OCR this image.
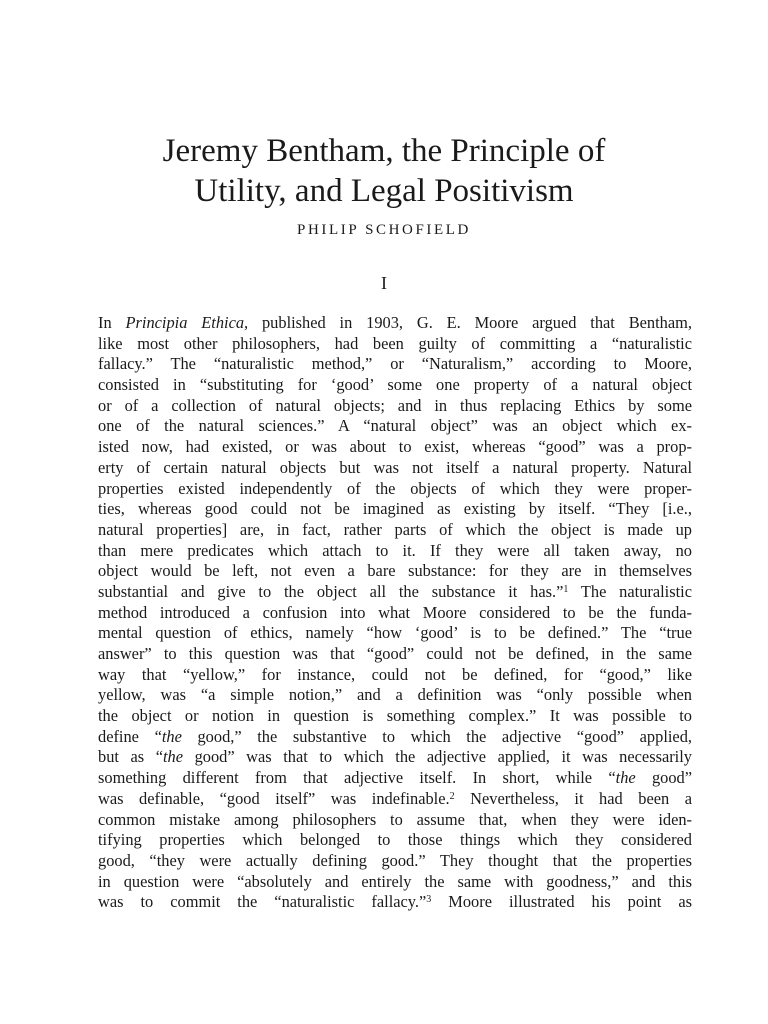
Jeremy Bentham, the Principle of
Utility, and Legal Positivism
PHILIP SCHOFIELD
I
In Principia Ethica, published in 1903, G. E. Moore argued that Bentham,
like most other philosophers, had been guilty of committing a “naturalistic
fallacy.” The “naturalistic method,” or “Naturalism,” according to Moore,
consisted in “substituting for ‘good’ some one property of a natural object
or of a collection of natural objects; and in thus replacing Ethics by some
one of the natural sciences.” A “natural object” was an object which ex-
isted now, had existed, or was about to exist, whereas “good” was a prop-
erty of certain natural objects but was not itself a natural property. Natural
properties existed independently of the objects of which they were proper-
ties, whereas good could not be imagined as existing by itself. “They [i.e.,
natural properties] are, in fact, rather parts of which the object is made up
than mere predicates which attach to it. If they were all taken away, no
object would be left, not even a bare substance: for they are in themselves
substantial and give to the object all the substance it has.”$^1$ The naturalistic
method introduced a confusion into what Moore considered to be the funda-
mental question of ethics, namely “how ‘good’ is to be defined.” The “true
answer” to this question was that “good” could not be defined, in the same
way that “yellow,” for instance, could not be defined, for “good,” like
yellow, was “a simple notion,” and a definition was “only possible when
the object or notion in question is something complex.” It was possible to
define “the good,” the substantive to which the adjective “good” applied,
but as “the good” was that to which the adjective applied, it was necessarily
something different from that adjective itself. In short, while “the good”
was definable, “good itself” was indefinable.$^2$ Nevertheless, it had been a
common mistake among philosophers to assume that, when they were iden-
tifying properties which belonged to those things which they considered
good, “they were actually defining good.” They thought that the properties
in question were “absolutely and entirely the same with goodness,” and this
was to commit the “naturalistic fallacy.”$^3$ Moore illustrated his point as
